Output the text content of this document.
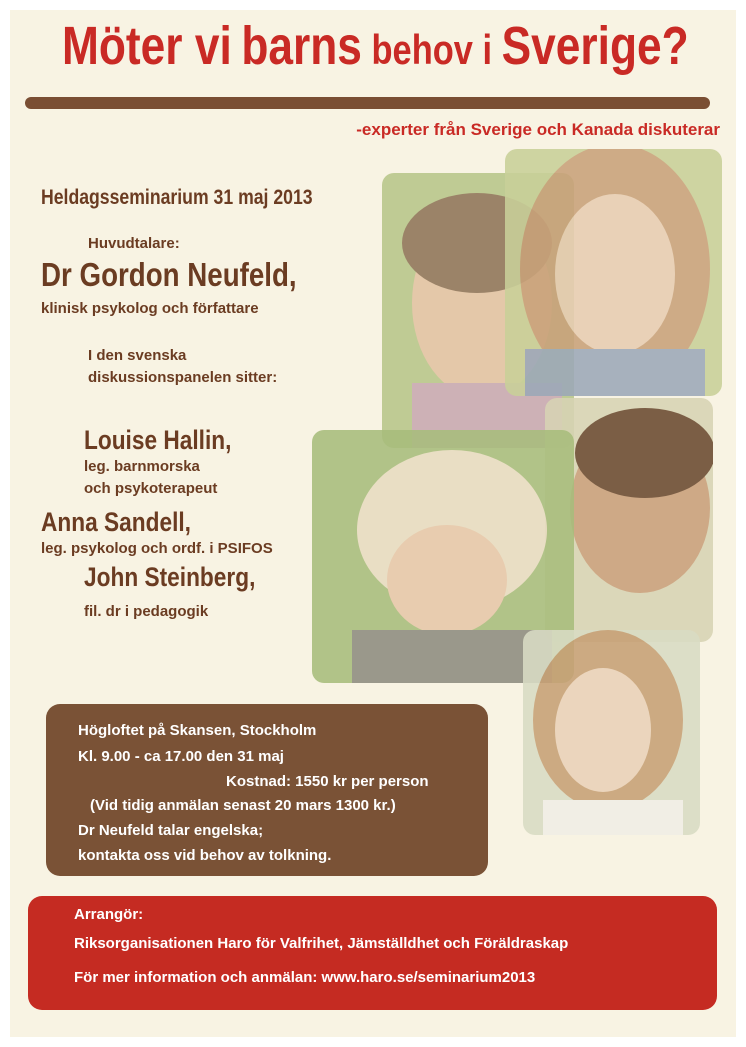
Möter vi barns behov i Sverige?
-experter från Sverige och Kanada diskuterar
Heldagsseminarium 31 maj 2013
Huvudtalare:
Dr Gordon Neufeld,
klinisk psykolog och författare
I den svenska
diskussionspanelen sitter:
Louise Hallin,
leg. barnmorska
och psykoterapeut
Anna Sandell,
leg. psykolog och ordf. i PSIFOS
John Steinberg,
fil. dr i pedagogik
Högloftet på Skansen, Stockholm
Kl. 9.00 - ca 17.00 den 31 maj
Kostnad: 1550 kr per person
(Vid tidig anmälan senast 20 mars 1300 kr.)
Dr Neufeld talar engelska;
kontakta oss vid behov av tolkning.
Arrangör:
Riksorganisationen Haro för Valfrihet, Jämställdhet och Föräldraskap
För mer information och anmälan: www.haro.se/seminarium2013
